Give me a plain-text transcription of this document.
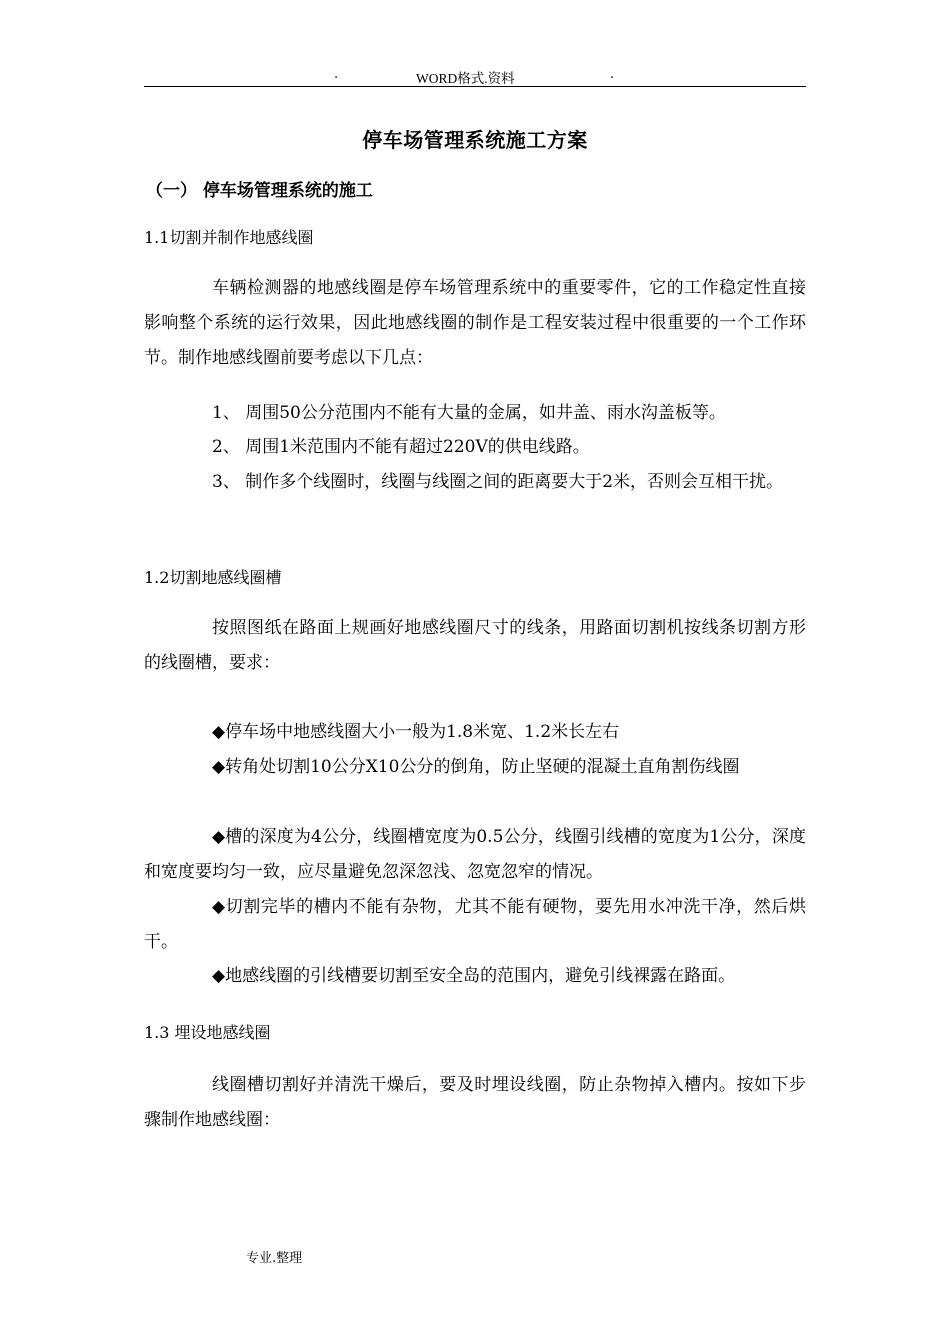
.	WORD格式.资料	.
停车场管理系统施工方案
（一） 停车场管理系统的施工
1.1切割并制作地感线圈
车辆检测器的地感线圈是停车场管理系统中的重要零件，它的工作稳定性直接影响整个系统的运行效果，因此地感线圈的制作是工程安装过程中很重要的一个工作环节。制作地感线圈前要考虑以下几点：
1、 周围50公分范围内不能有大量的金属，如井盖、雨水沟盖板等。
2、 周围1米范围内不能有超过220V的供电线路。
3、 制作多个线圈时，线圈与线圈之间的距离要大于2米，否则会互相干扰。
1.2切割地感线圈槽
按照图纸在路面上规画好地感线圈尺寸的线条，用路面切割机按线条切割方形的线圈槽，要求：
◆停车场中地感线圈大小一般为1.8米宽、1.2米长左右
◆转角处切割10公分X10公分的倒角，防止坚硬的混凝土直角割伤线圈
◆槽的深度为4公分，线圈槽宽度为0.5公分，线圈引线槽的宽度为1公分，深度和宽度要均匀一致，应尽量避免忽深忽浅、忽宽忽窄的情况。
◆切割完毕的槽内不能有杂物，尤其不能有硬物，要先用水冲洗干净，然后烘干。
◆地感线圈的引线槽要切割至安全岛的范围内，避免引线裸露在路面。
1.3 埋设地感线圈
线圈槽切割好并清洗干燥后，要及时埋设线圈，防止杂物掉入槽内。按如下步骤制作地感线圈：
专业.整理
